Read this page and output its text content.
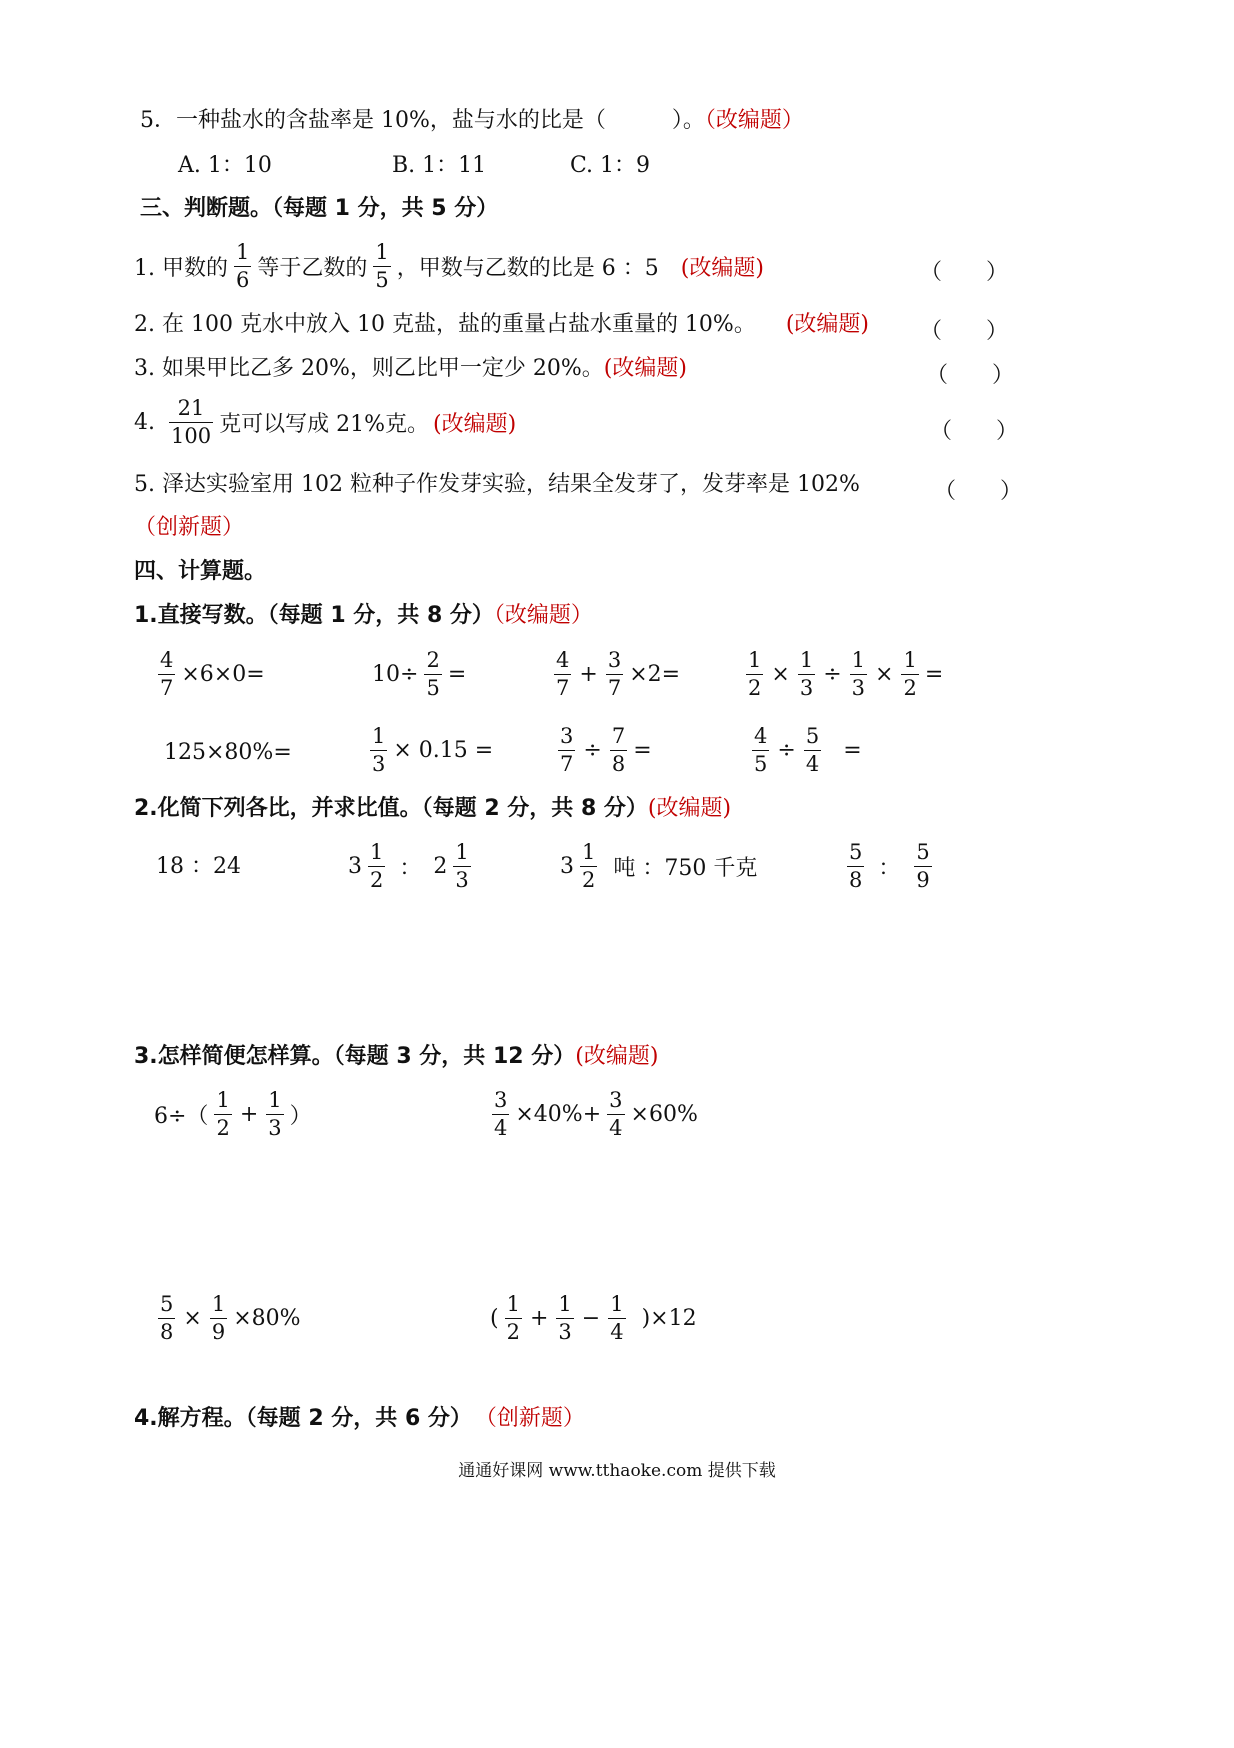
5．一种盐水的含盐率是 10%，盐与水的比是（　　　）。（改编题）
A. 1：10	B. 1：11	C. 1：9
三、判断题。（每题 1 分，共 5 分）
1. 甲数的 $\frac{1}{6}$ 等于乙数的 $\frac{1}{5}$ ，甲数与乙数的比是 6 ：5 (改编题)	（　　）
2. 在 100 克水中放入 10 克盐，盐的重量占盐水重量的 10%。 (改编题) （　　）
3. 如果甲比乙多 20%，则乙比甲一定少 20%。(改编题)	（　　）
4. $\frac{21}{100}$ 克可以写成 21%克。 (改编题)	（　　）
5. 泽达实验室用 102 粒种子作发芽实验，结果全发芽了，发芽率是 102%	（　　）
（创新题）
四、计算题。
1.直接写数。（每题 1 分，共 8 分）（改编题）
$\frac{4}{7} \times 6\times 0=$	$10\div \frac{2}{5}$ =	$\frac{4}{7} + \frac{3}{7} \times 2=$	$\frac{1}{2} \times \frac{1}{3} \div \frac{1}{3} \times \frac{1}{2}$ =
125×80%=	$\frac{1}{3} \times 0.15$ =	$\frac{3}{7} \div \frac{7}{8}$ =	$\frac{4}{5} \div \frac{5}{4}$ =
2.化简下列各比，并求比值。（每题 2 分，共 8 分）(改编题)
18 ：24	$3 \frac{1}{2}$ ： $2 \frac{1}{3}$	$3 \frac{1}{2}$ 吨 ：750 千克	$\frac{5}{8}$ ： $\frac{5}{9}$
3.怎样简便怎样算。（每题 3 分，共 12 分）(改编题)
$6\div( \frac{1}{2} + \frac{1}{3}$ ）	$\frac{3}{4} \times 40\%+ \frac{3}{4} \times 60\%$
$\frac{5}{8} \times \frac{1}{9} \times 80\%$	( $\frac{1}{2} + \frac{1}{3} - \frac{1}{4} )\times 12$
4.解方程。（每题 2 分，共 6 分） （创新题）
通通好课网 www.tthaoke.com 提供下载
